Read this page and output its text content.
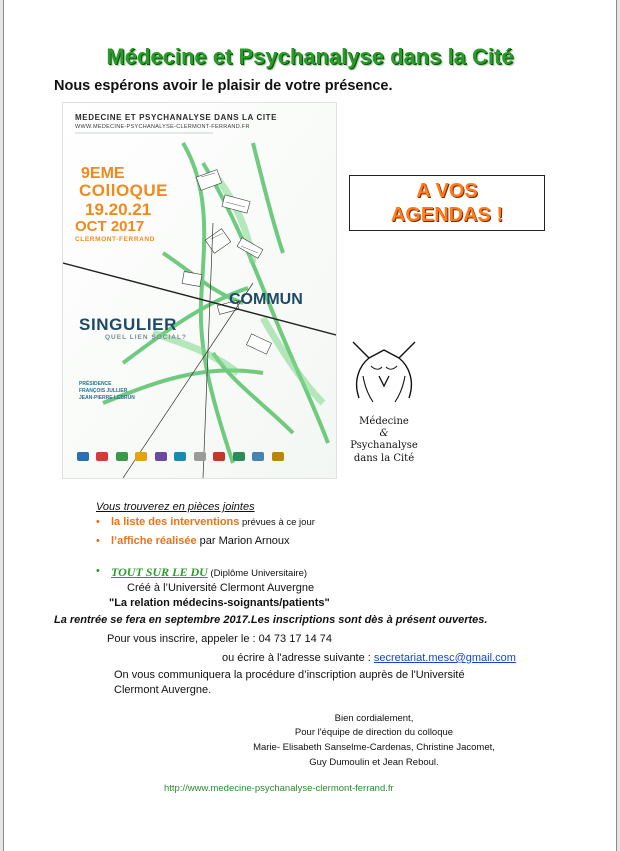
Médecine et Psychanalyse dans la Cité
Nous espérons avoir le plaisir de votre présence.
MEDECINE ET PSYCHANALYSE DANS LA CITE
WWW.MEDECINE-PSYCHANALYSE-CLERMONT-FERRAND.FR
9EME
COllOQUE
19.20.21
OCT 2017
CLERMONT-FERRAND
COMMUN
SINGULIER
QUEL LIEN SOCIAL?
PRÉSIDENCE
FRANÇOIS JULLIER
JEAN-PIERRE LEBRUN

A VOS
AGENDAS !
Médecine
&
Psychanalyse
dans la Cité
Vous trouverez en pièces jointes
• la liste des interventions prévues à ce jour
• l’affiche réalisée par Marion Arnoux
• TOUT SUR LE DU (Diplôme Universitaire)
Créé à l’Université Clermont Auvergne
"La relation médecins-soignants/patients"
La rentrée se fera en septembre 2017.Les inscriptions sont dès à présent ouvertes.
Pour vous inscrire, appeler le : 04 73 17 14 74
ou écrire à l'adresse suivante : secretariat.mesc@gmail.com
On vous communiquera la procédure d’inscription auprès de l'Université
Clermont Auvergne.
Bien cordialement,
Pour l'équipe de direction du colloque
Marie- Elisabeth Sanselme-Cardenas, Christine Jacomet,
Guy Dumoulin et Jean Reboul.
http://www.medecine-psychanalyse-clermont-ferrand.fr
